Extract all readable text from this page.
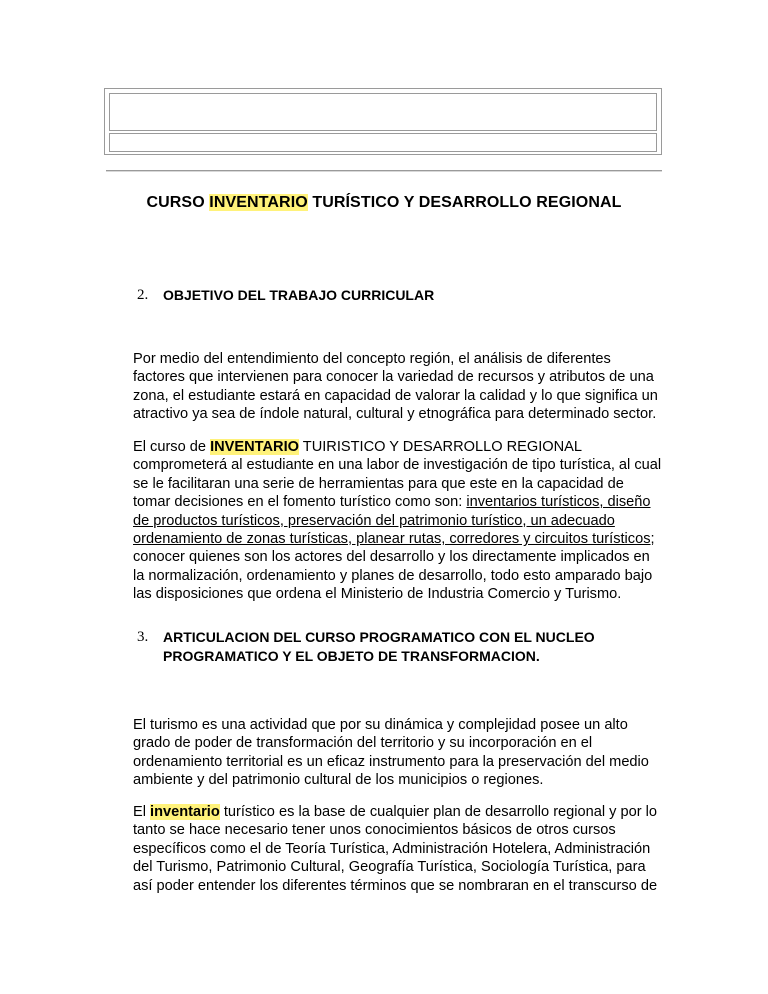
CURSO INVENTARIO TURÍSTICO Y DESARROLLO REGIONAL
2.	OBJETIVO DEL TRABAJO CURRICULAR

Por medio del entendimiento del concepto región, el análisis de diferentes factores que intervienen para conocer la variedad de recursos y atributos de una zona, el estudiante estará en capacidad de valorar la calidad y lo que significa un atractivo ya sea de índole natural, cultural y etnográfica para determinado sector.

El curso de INVENTARIO TUIRISTICO Y DESARROLLO REGIONAL comprometerá al estudiante en una labor de investigación de tipo turística, al cual se le facilitaran una serie de herramientas para que este en la capacidad de tomar decisiones en el fomento turístico como son: inventarios turísticos, diseño de productos turísticos, preservación del patrimonio turístico, un adecuado ordenamiento de zonas turísticas, planear rutas, corredores y circuitos turísticos; conocer quienes son los actores del desarrollo y los directamente implicados en la normalización, ordenamiento y planes de desarrollo, todo esto amparado bajo las disposiciones que ordena el Ministerio de Industria Comercio y Turismo.

3.	ARTICULACION DEL CURSO PROGRAMATICO CON EL NUCLEO PROGRAMATICO Y EL OBJETO DE TRANSFORMACION.

El turismo es una actividad que por su dinámica y complejidad posee un alto grado de poder de transformación del territorio y su incorporación en el ordenamiento territorial es un eficaz instrumento para la preservación del medio ambiente y del patrimonio cultural de los municipios o regiones.

El inventario turístico es la base de cualquier plan de desarrollo regional y por lo tanto se hace necesario tener unos conocimientos básicos de otros cursos específicos como el de Teoría Turística, Administración Hotelera, Administración del Turismo, Patrimonio Cultural, Geografía Turística, Sociología Turística, para así poder entender los diferentes términos que se nombraran en el transcurso de
